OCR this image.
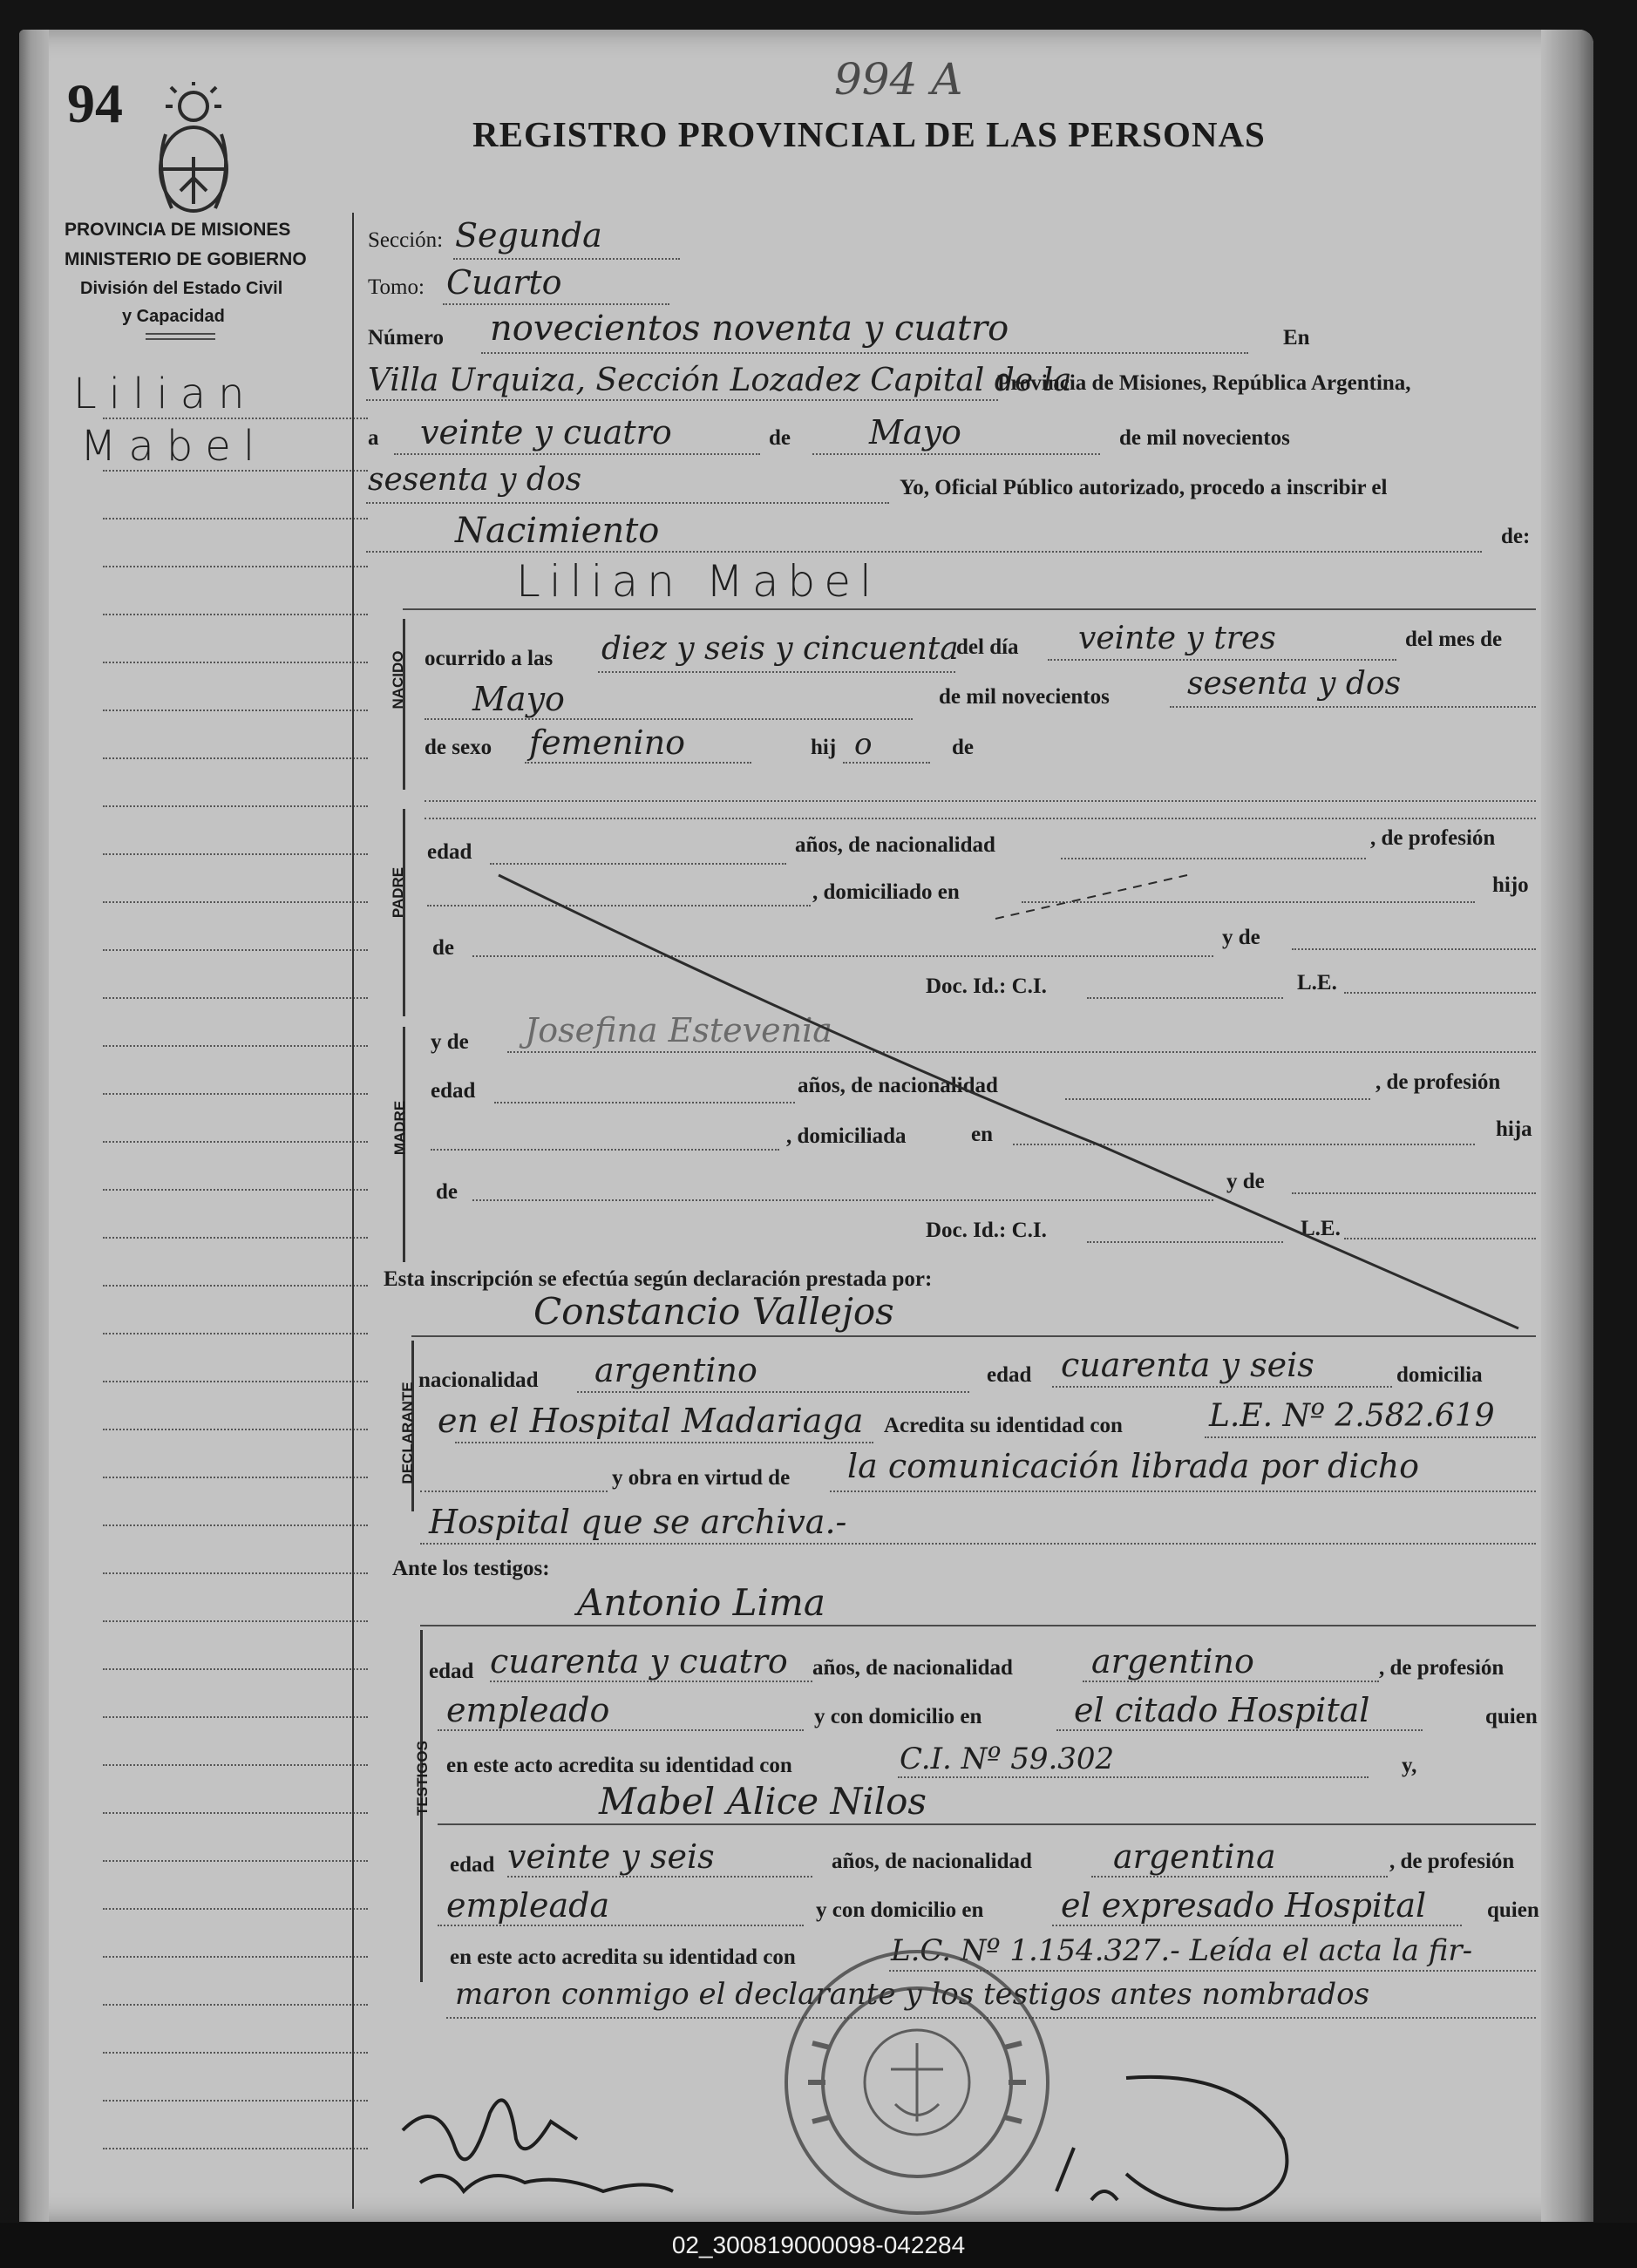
94	994 A
REGISTRO PROVINCIAL DE LAS PERSONAS
PROVINCIA DE MISIONES
MINISTERIO DE GOBIERNO
División del Estado Civil
y Capacidad
Lilian
Mabel
Sección: Segunda
Tomo: Cuarto
Número novecientos noventa y cuatro	En
Villa Urquiza, Sección Lozadez Capital de la
Provincia de Misiones, República Argentina,
a veinte y cuatro	de Mayo	de mil novecientos
sesenta y dos	Yo, Oficial Público autorizado, procedo a inscribir el
Nacimiento	de:
Lilian Mabel
NACIDO ocurrido a las diez y seis y cincuenta
del día veinte y tres	del mes de
Mayo	de mil novecientos sesenta y dos
de sexo femenino	hij o	de
PADRE
edad	años, de nacionalidad	, de profesión
, domiciliado en	hijo
de	y de
Doc. Id.: C.I.	L.E.
MADRE
y de Josefina Estevenia
edad	años, de nacionalidad	, de profesión
, domiciliada	en	hija
de	y de
Doc. Id.: C.I.	L.E.
Esta inscripción se efectúa según declaración prestada por:
Constancio Vallejos
DECLARANTE
nacionalidad argentino	edad cuarenta y seis	domicilia
en el Hospital Madariaga Acredita su identidad con	L.E. Nº 2.582.619
y obra en virtud de la comunicación librada por dicho
Hospital que se archiva.-
Ante los testigos:
Antonio Lima
TESTIGOS
edad cuarenta y cuatro años, de nacionalidad argentino	, de profesión
empleado	y con domicilio en	el citado Hospital	quien
en este acto acredita su identidad con	C.I. Nº 59.302	y,
Mabel Alice Nilos
edad veinte y seis	años, de nacionalidad argentina	, de profesión
empleada	y con domicilio en el expresado Hospital	quien
en este acto acredita su identidad con	L.C. Nº 1.154.327.- Leída el acta la fir-
maron conmigo el declarante y los testigos antes nombrados
02_300819000098-042284
